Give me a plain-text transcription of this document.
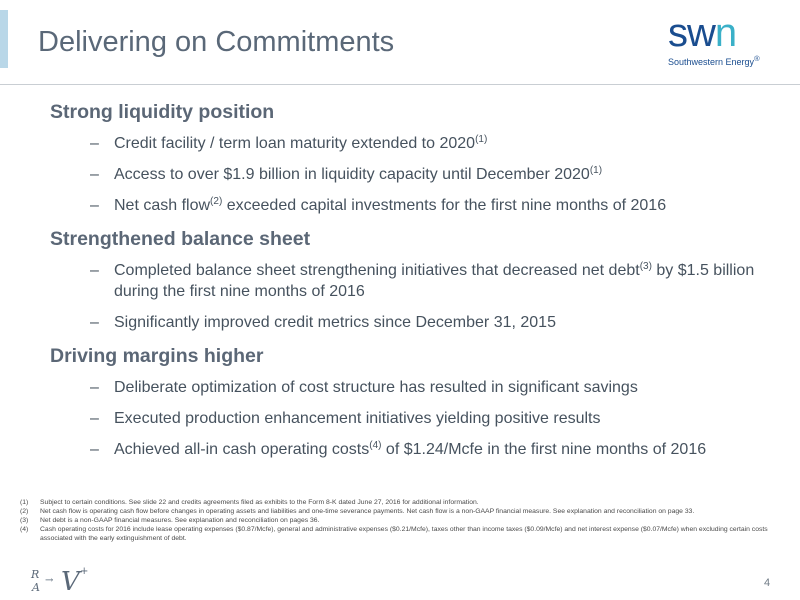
Delivering on Commitments	swn
Southwestern Energy®
Strong liquidity position
– Credit facility / term loan maturity extended to 2020$^{(1)}$
– Access to over $1.9 billion in liquidity capacity until December 2020$^{(1)}$
– Net cash flow$^{(2)}$ exceeded capital investments for the first nine months of 2016
Strengthened balance sheet
– Completed balance sheet strengthening initiatives that decreased net debt$^{(3)}$ by $1.5 billion during the first nine months of 2016
– Significantly improved credit metrics since December 31, 2015
Driving margins higher
– Deliberate optimization of cost structure has resulted in significant savings
– Executed production enhancement initiatives yielding positive results
– Achieved all-in cash operating costs$^{(4)}$ of $1.24/Mcfe in the first nine months of 2016
(1) Subject to certain conditions. See slide 22 and credits agreements filed as exhibits to the Form 8-K dated June 27, 2016 for additional information.
(2) Net cash flow is operating cash flow before changes in operating assets and liabilities and one-time severance payments. Net cash flow is a non-GAAP financial measure. See explanation and reconciliation on page 33.
(3) Net debt is a non-GAAP financial measures. See explanation and reconciliation on pages 36.
(4) Cash operating costs for 2016 include lease operating expenses ($0.87/Mcfe), general and administrative expenses ($0.21/Mcfe), taxes other than income taxes ($0.09/Mcfe) and net interest expense ($0.07/Mcfe) when excluding certain costs associated with the early extinguishment of debt.
R
A
→ V +
4
